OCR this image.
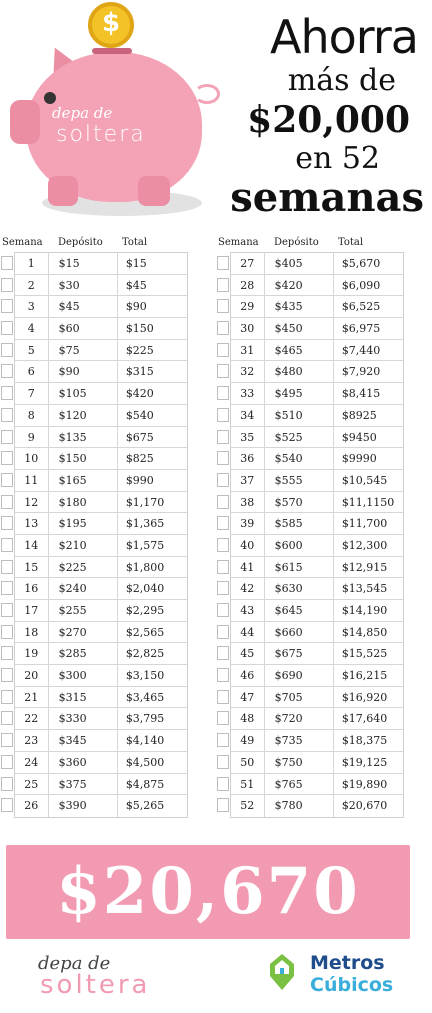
$
depa de
soltera
Ahorra
más de
$20,000
en 52
semanas
Semana	Depósito	Total
1	$15	$15
2	$30	$45
3	$45	$90
4	$60	$150
5	$75	$225
6	$90	$315
7	$105	$420
8	$120	$540
9	$135	$675
10	$150	$825
11	$165	$990
12	$180	$1,170
13	$195	$1,365
14	$210	$1,575
15	$225	$1,800
16	$240	$2,040
17	$255	$2,295
18	$270	$2,565
19	$285	$2,825
20	$300	$3,150
21	$315	$3,465
22	$330	$3,795
23	$345	$4,140
24	$360	$4,500
25	$375	$4,875
26	$390	$5,265
Semana	Depósito	Total
27	$405	$5,670
28	$420	$6,090
29	$435	$6,525
30	$450	$6,975
31	$465	$7,440
32	$480	$7,920
33	$495	$8,415
34	$510	$8925
35	$525	$9450
36	$540	$9990
37	$555	$10,545
38	$570	$11,1150
39	$585	$11,700
40	$600	$12,300
41	$615	$12,915
42	$630	$13,545
43	$645	$14,190
44	$660	$14,850
45	$675	$15,525
46	$690	$16,215
47	$705	$16,920
48	$720	$17,640
49	$735	$18,375
50	$750	$19,125
51	$765	$19,890
52	$780	$20,670
$20,670
depa de
soltera
Metros
Cúbicos
